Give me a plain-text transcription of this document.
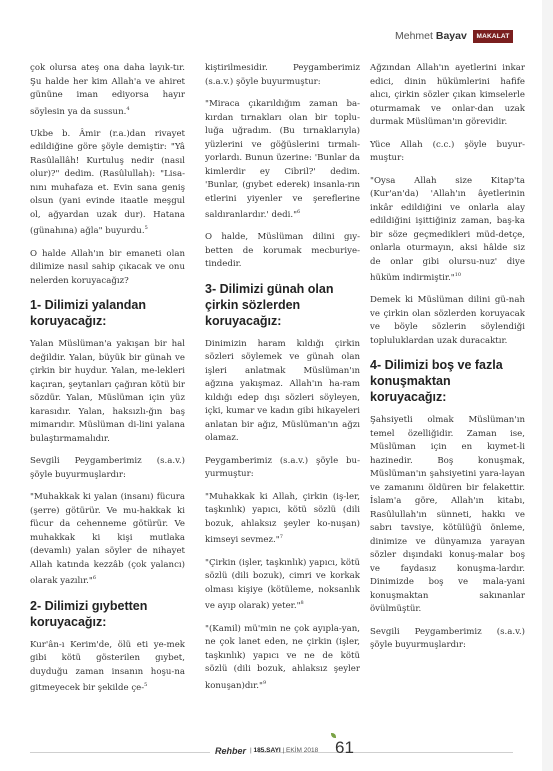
Mehmet Bayav	MAKALAT

çok olursa ateş ona daha layık-tır. Şu halde her kim Allah'a ve ahiret gününe iman ediyorsa hayır söylesin ya da sussun.$^4$

Ukbe b. Âmir (r.a.)dan rivayet edildiğine göre şöyle demiştir: "Yâ Rasûlallâh! Kurtuluş nedir (nasıl olur)?" dedim. (Rasûlullah): "Lisa-nını muhafaza et. Evin sana geniş olsun (yani evinde itaatle meşgul ol, ağyardan uzak dur). Hatana (günahına) ağla" buyurdu.$^5$

O halde Allah'ın bir emaneti olan dilimize nasıl sahip çıkacak ve onu nelerden koruyacağız?

1- Dilimizi yalandan koruyacağız:

Yalan Müslüman'a yakışan bir hal değildir. Yalan, büyük bir günah ve çirkin bir huydur. Yalan, me-lekleri kaçıran, şeytanları çağıran kötü bir sözdür. Yalan, Müslüman için yüz karasıdır. Yalan, haksızlı-ğın baş mimarıdır. Müslüman di-lini yalana bulaştırmamalıdır.

Sevgili Peygamberimiz (s.a.v.) şöyle buyurmuşlardır:

"Muhakkak ki yalan (insanı) fücura (şerre) götürür. Ve mu-hakkak ki fücur da cehenneme götürür. Ve muhakkak ki kişi mutlaka (devamlı) yalan söyler de nihayet Allah katında kezzâb (çok yalancı) olarak yazılır."$^6$

2- Dilimizi gıybetten koruyacağız:

Kur'ân-ı Kerim'de, ölü eti ye-mek gibi kötü gösterilen gıybet, duyduğu zaman insanın hoşu-na gitmeyecek bir şekilde çe-$^5$

kiştirilmesidir. Peygamberimiz (s.a.v.) şöyle buyurmuştur:

"Miraca çıkarıldığım zaman ba-kırdan tırnakları olan bir toplu-luğa uğradım. (Bu tırnaklarıyla) yüzlerini ve göğüslerini tırmalı-yorlardı. Bunun üzerine: 'Bunlar da kimlerdir ey Cibril?' dedim. 'Bunlar, (gıybet ederek) insanla-rın etlerini yiyenler ve şereflerine saldıranlardır.' dedi."$^6$

O halde, Müslüman dilini gıy-betten de korumak mecburiye-tindedir.

3- Dilimizi günah olan çirkin sözlerden koruyacağız:

Dinimizin haram kıldığı çirkin sözleri söylemek ve günah olan işleri anlatmak Müslüman'ın ağzına yakışmaz. Allah'ın ha-ram kıldığı edep dışı sözleri söyleyen, içki, kumar ve kadın gibi hikayeleri anlatan bir ağız, Müslüman'ın ağzı olamaz.

Peygamberimiz (s.a.v.) şöyle bu-yurmuştur:

"Muhakkak ki Allah, çirkin (iş-ler, taşkınlık) yapıcı, kötü sözlü (dili bozuk, ahlaksız şeyler ko-nuşan) kimseyi sevmez."$^7$

"Çirkin (işler, taşkınlık) yapıcı, kötü sözlü (dili bozuk), cimri ve korkak olması kişiye (kötüleme, noksanlık ve ayıp olarak) yeter."$^8$

"(Kamil) mü'min ne çok ayıpla-yan, ne çok lanet eden, ne çirkin (işler, taşkınlık) yapıcı ve ne de kötü sözlü (dili bozuk, ahlaksız şeyler konuşan)dır."$^9$

Ağzından Allah'ın ayetlerini inkar edici, dinin hükümlerini hafife alıcı, çirkin sözler çıkan kimselerle oturmamak ve onlar-dan uzak durmak Müslüman'ın görevidir.

Yüce Allah (c.c.) şöyle buyur-muştur:

"Oysa Allah size Kitap'ta (Kur'an'da) 'Allah'ın âyetlerinin inkâr edildiğini ve onlarla alay edildiğini işittiğiniz zaman, baş-ka bir söze geçmedikleri müd-detçe, onlarla oturmayın, aksi hâlde siz de onlar gibi olursu-nuz' diye hüküm indirmiştir."$^{10}$

Demek ki Müslüman dilini gü-nah ve çirkin olan sözlerden koruyacak ve böyle sözlerin söylendiği topluluklardan uzak duracaktır.

4- Dilimizi boş ve fazla konuşmaktan koruyacağız:

Şahsiyetli olmak Müslüman'ın temel özelliğidir. Zaman ise, Müslüman için en kıymet-li hazinedir. Boş konuşmak, Müslüman'ın şahsiyetini yara-layan ve zamanını öldüren bir felakettir. İslam'a göre, Allah'ın kitabı, Rasûlullah'ın sünneti, hakkı ve sabrı tavsiye, kötülüğü önleme, dinimize ve dünyamıza yarayan sözler dışındaki konuş-malar boş ve faydasız konuşma-lardır. Dinimizde boş ve mala-yani konuşmaktan sakınanlar övülmüştür.

Sevgili Peygamberimiz (s.a.v.) şöyle buyurmuşlardır:

Rehber | 185.SAYI | EKİM 2018 61
